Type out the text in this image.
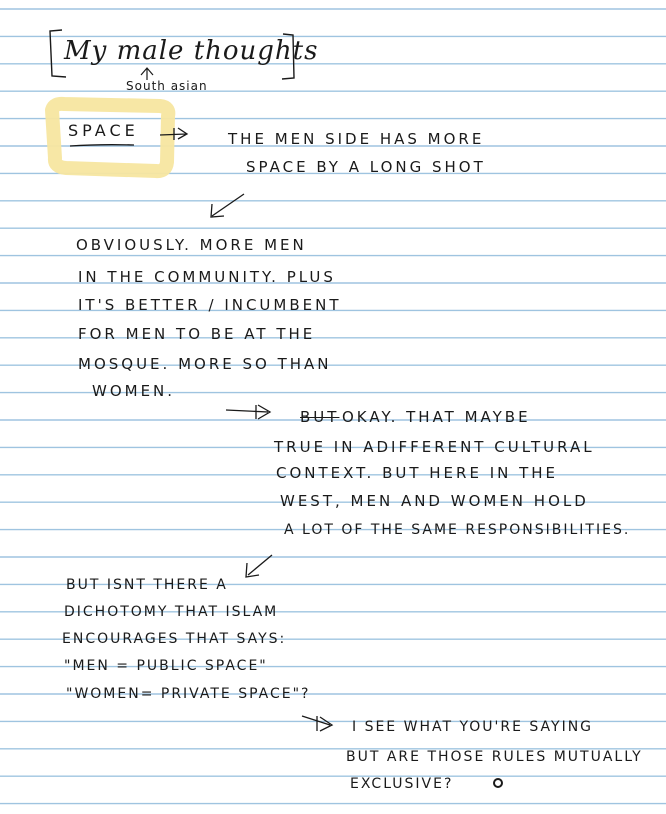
My male thoughts
South asian
SPACE	THE MEN SIDE HAS MORE
SPACE BY A LONG SHOT
OBVIOUSLY. MORE MEN
IN THE COMMUNITY. PLUS
IT'S BETTER / INCUMBENT
FOR MEN TO BE AT THE
MOSQUE. MORE SO THAN
WOMEN.
BUT OKAY. THAT MAYBE
TRUE IN ADIFFERENT CULTURAL
CONTEXT. BUT HERE IN THE
WEST, MEN AND WOMEN HOLD
A LOT OF THE SAME RESPONSIBILITIES.
BUT ISNT THERE A
DICHOTOMY THAT ISLAM
ENCOURAGES THAT SAYS:
"MEN = PUBLIC SPACE"
"WOMEN= PRIVATE SPACE"?
I SEE WHAT YOU'RE SAYING
BUT ARE THOSE RULES MUTUALLY
EXCLUSIVE?
